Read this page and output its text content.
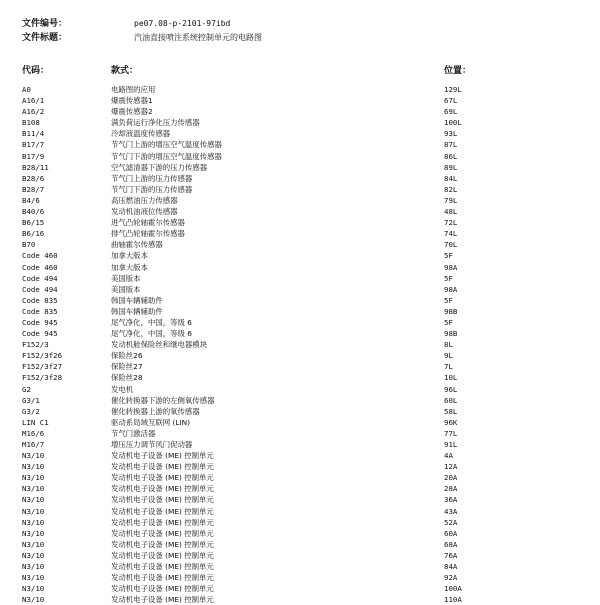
文件编号：	pe07.08-p-2101-97ibd
文件标题：	汽油直接喷注系统控制单元的电路图
代码：	款式：	位置：
A0	电路图的应用	129L
A16/1	爆震传感器1	67L
A16/2	爆震传感器2	69L
B108	满负荷运行净化压力传感器	100L
B11/4	冷却液温度传感器	93L
B17/7	节气门上游的增压空气温度传感器	87L
B17/9	节气门下游的增压空气温度传感器	86L
B28/11	空气滤清器下游的压力传感器	89L
B28/6	节气门上游的压力传感器	84L
B28/7	节气门下游的压力传感器	82L
B4/6	高压燃油压力传感器	79L
B40/6	发动机油液位传感器	48L
B6/15	进气凸轮轴霍尔传感器	72L
B6/16	排气凸轮轴霍尔传感器	74L
B70	曲轴霍尔传感器	70L
Code 460	加拿大版本	5F
Code 460	加拿大版本	98A
Code 494	美国版本	5F
Code 494	美国版本	98A
Code 835	韩国车辆辅助件	5F
Code 835	韩国车辆辅助件	98B
Code 945	尾气净化，中国，等级 6	5F
Code 945	尾气净化，中国，等级 6	98B
F152/3	发动机舱保险丝和继电器模块	8L
F152/3f26	保险丝26	9L
F152/3f27	保险丝27	7L
F152/3f28	保险丝28	10L
G2	发电机	96L
G3/1	催化转换器下游的左侧氧传感器	60L
G3/2	催化转换器上游的氧传感器	58L
LIN C1	驱动系局域互联网 (LIN)	96K
M16/6	节气门激活器	77L
M16/7	增压压力调节风门促动器	91L
N3/10	发动机电子设备 (ME) 控制单元	4A
N3/10	发动机电子设备 (ME) 控制单元	12A
N3/10	发动机电子设备 (ME) 控制单元	20A
N3/10	发动机电子设备 (ME) 控制单元	28A
N3/10	发动机电子设备 (ME) 控制单元	36A
N3/10	发动机电子设备 (ME) 控制单元	43A
N3/10	发动机电子设备 (ME) 控制单元	52A
N3/10	发动机电子设备 (ME) 控制单元	60A
N3/10	发动机电子设备 (ME) 控制单元	68A
N3/10	发动机电子设备 (ME) 控制单元	76A
N3/10	发动机电子设备 (ME) 控制单元	84A
N3/10	发动机电子设备 (ME) 控制单元	92A
N3/10	发动机电子设备 (ME) 控制单元	100A
N3/10	发动机电子设备 (ME) 控制单元	110A
